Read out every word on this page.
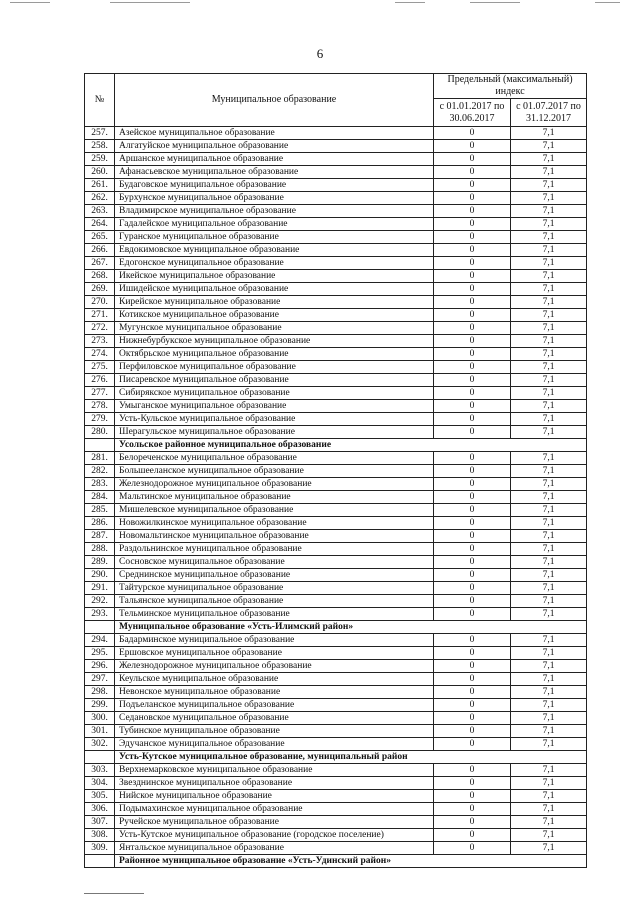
6
№	Муниципальное образование	Предельный (максимальный) индекс	
		с 01.01.2017 по 30.06.2017	с 01.07.2017 по 31.12.2017
257.	Азейское муниципальное образование	0	7,1
258.	Алгатуйское муниципальное образование	0	7,1
259.	Аршанское муниципальное образование	0	7,1
260.	Афанасьевское муниципальное образование	0	7,1
261.	Будаговское муниципальное образование	0	7,1
262.	Бурхунское муниципальное образование	0	7,1
263.	Владимирское муниципальное образование	0	7,1
264.	Гадалейское муниципальное образование	0	7,1
265.	Гуранское муниципальное образование	0	7,1
266.	Евдокимовское муниципальное образование	0	7,1
267.	Едогонское муниципальное образование	0	7,1
268.	Икейское муниципальное образование	0	7,1
269.	Ишидейское муниципальное образование	0	7,1
270.	Кирейское муниципальное образование	0	7,1
271.	Котикское муниципальное образование	0	7,1
272.	Мугунское муниципальное образование	0	7,1
273.	Нижнебурбукское муниципальное образование	0	7,1
274.	Октябрьское муниципальное образование	0	7,1
275.	Перфиловское муниципальное образование	0	7,1
276.	Писаревское муниципальное образование	0	7,1
277.	Сибирякское муниципальное образование	0	7,1
278.	Умыганское муниципальное образование	0	7,1
279.	Усть-Кульское муниципальное образование	0	7,1
280.	Шерагульское муниципальное образование	0	7,1
	Усольское районное муниципальное образование		
281.	Белореченское муниципальное образование	0	7,1
282.	Большееланское муниципальное образование	0	7,1
283.	Железнодорожное муниципальное образование	0	7,1
284.	Мальтинское муниципальное образование	0	7,1
285.	Мишелевское муниципальное образование	0	7,1
286.	Новожилкинское муниципальное образование	0	7,1
287.	Новомальтинское муниципальное образование	0	7,1
288.	Раздольнинское муниципальное образование	0	7,1
289.	Сосновское муниципальное образование	0	7,1
290.	Среднинское муниципальное образование	0	7,1
291.	Тайтурское муниципальное образование	0	7,1
292.	Тальянское муниципальное образование	0	7,1
293.	Тельминское муниципальное образование	0	7,1
	Муниципальное образование «Усть-Илимский район»		
294.	Бадарминское муниципальное образование	0	7,1
295.	Ершовское муниципальное образование	0	7,1
296.	Железнодорожное муниципальное образование	0	7,1
297.	Кеульское муниципальное образование	0	7,1
298.	Невонское муниципальное образование	0	7,1
299.	Подъеланское муниципальное образование	0	7,1
300.	Седановское муниципальное образование	0	7,1
301.	Тубинское муниципальное образование	0	7,1
302.	Эдучанское муниципальное образование	0	7,1
	Усть-Кутское муниципальное образование, муниципальный район		
303.	Верхнемарковское муниципальное образование	0	7,1
304.	Звезднинское муниципальное образование	0	7,1
305.	Нийское муниципальное образование	0	7,1
306.	Подымахинское муниципальное образование	0	7,1
307.	Ручейское муниципальное образование	0	7,1
308.	Усть-Кутское муниципальное образование (городское поселение)	0	7,1
309.	Янтальское муниципальное образование	0	7,1
	Районное муниципальное образование «Усть-Удинский район»		
